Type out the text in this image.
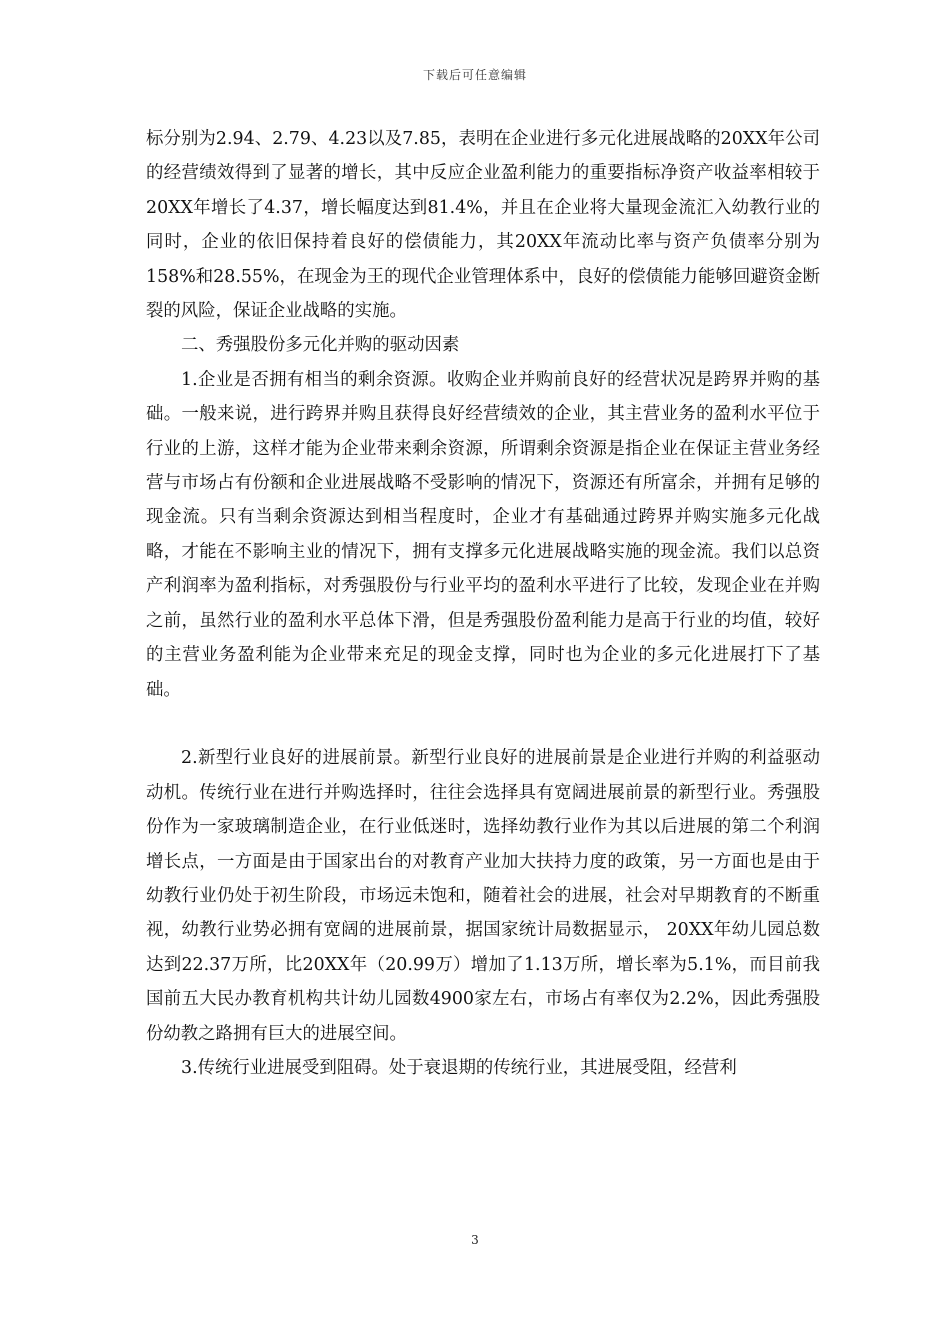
下载后可任意编辑

标分别为2.94、2.79、4.23以及7.85，表明在企业进行多元化进展战略的20XX年公司的经营绩效得到了显著的增长，其中反应企业盈利能力的重要指标净资产收益率相较于20XX年增长了4.37，增长幅度达到81.4%，并且在企业将大量现金流汇入幼教行业的同时，企业的依旧保持着良好的偿债能力，其20XX年流动比率与资产负债率分别为158%和28.55%，在现金为王的现代企业管理体系中，良好的偿债能力能够回避资金断裂的风险，保证企业战略的实施。

二、秀强股份多元化并购的驱动因素

1.企业是否拥有相当的剩余资源。收购企业并购前良好的经营状况是跨界并购的基础。一般来说，进行跨界并购且获得良好经营绩效的企业，其主营业务的盈利水平位于行业的上游，这样才能为企业带来剩余资源，所谓剩余资源是指企业在保证主营业务经营与市场占有份额和企业进展战略不受影响的情况下，资源还有所富余，并拥有足够的现金流。只有当剩余资源达到相当程度时，企业才有基础通过跨界并购实施多元化战略，才能在不影响主业的情况下，拥有支撑多元化进展战略实施的现金流。我们以总资产利润率为盈利指标，对秀强股份与行业平均的盈利水平进行了比较，发现企业在并购之前，虽然行业的盈利水平总体下滑，但是秀强股份盈利能力是高于行业的均值，较好的主营业务盈利能为企业带来充足的现金支撑，同时也为企业的多元化进展打下了基础。

2.新型行业良好的进展前景。新型行业良好的进展前景是企业进行并购的利益驱动动机。传统行业在进行并购选择时，往往会选择具有宽阔进展前景的新型行业。秀强股份作为一家玻璃制造企业，在行业低迷时，选择幼教行业作为其以后进展的第二个利润增长点，一方面是由于国家出台的对教育产业加大扶持力度的政策，另一方面也是由于幼教行业仍处于初生阶段，市场远未饱和，随着社会的进展，社会对早期教育的不断重视，幼教行业势必拥有宽阔的进展前景，据国家统计局数据显示， 20XX年幼儿园总数达到22.37万所，比20XX年（20.99万）增加了1.13万所，增长率为5.1%，而目前我国前五大民办教育机构共计幼儿园数4900家左右，市场占有率仅为2.2%，因此秀强股份幼教之路拥有巨大的进展空间。

3.传统行业进展受到阻碍。处于衰退期的传统行业，其进展受阻，经营利

3
